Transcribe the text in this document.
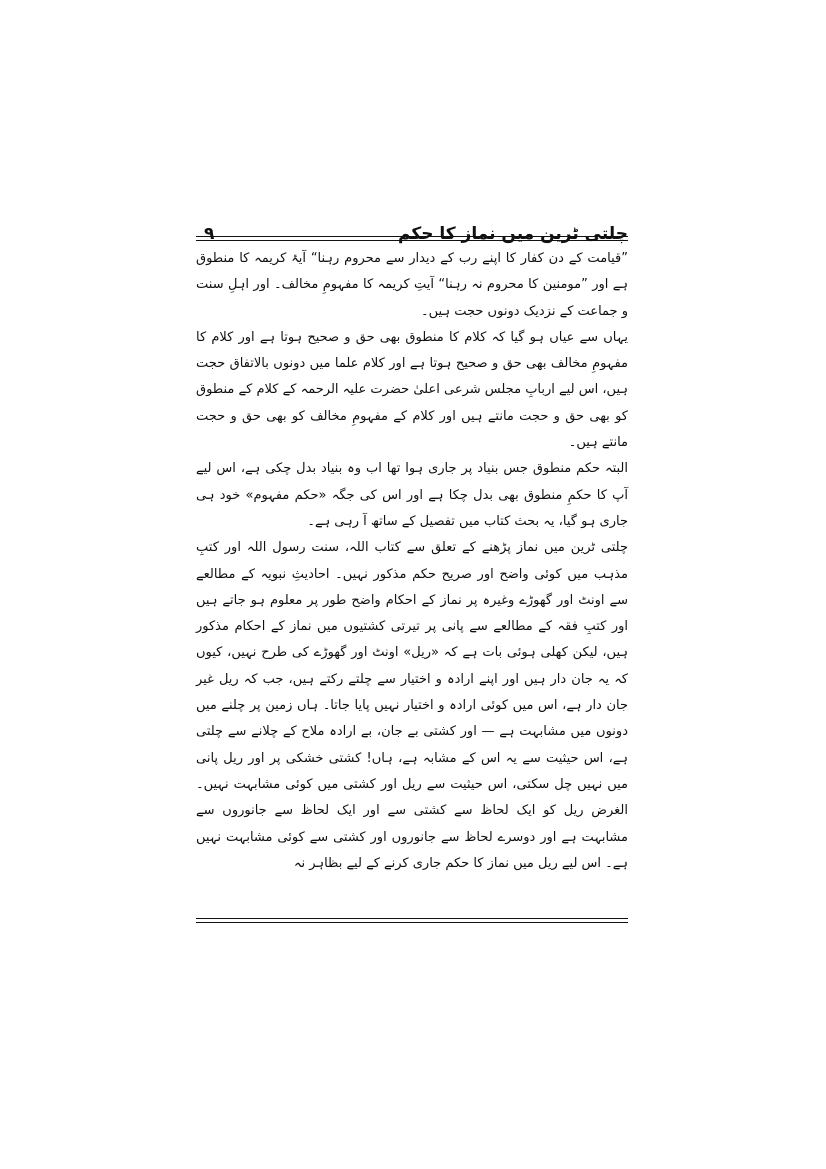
چلتی ٹرین میں نماز کا حکم
۹

”قیامت کے دن کفار کا اپنے رب کے دیدار سے محروم رہنا“ آیۂ کریمہ کا منطوق ہے اور ”مومنین کا محروم نہ رہنا“ آیتِ کریمہ کا مفہومِ مخالف۔ اور اہلِ سنت و جماعت کے نزدیک دونوں حجت ہیں۔

یہاں سے عیاں ہو گیا کہ کلام کا منطوق بھی حق و صحیح ہوتا ہے اور کلام کا مفہومِ مخالف بھی حق و صحیح ہوتا ہے اور کلام علما میں دونوں بالاتفاق حجت ہیں، اس لیے اربابِ مجلس شرعی اعلیٰ حضرت علیہ الرحمہ کے کلام کے منطوق کو بھی حق و حجت مانتے ہیں اور کلام کے مفہومِ مخالف کو بھی حق و حجت مانتے ہیں۔

البتہ حکم منطوق جس بنیاد پر جاری ہوا تھا اب وہ بنیاد بدل چکی ہے، اس لیے آپ کا حکمِ منطوق بھی بدل چکا ہے اور اس کی جگہ «حکم مفہوم» خود ہی جاری ہو گیا، یہ بحث کتاب میں تفصیل کے ساتھ آ رہی ہے۔

چلتی ٹرین میں نماز پڑھنے کے تعلق سے کتاب اللہ، سنت رسول اللہ اور کتبِ مذہب میں کوئی واضح اور صریح حکم مذکور نہیں۔ احادیثِ نبویہ کے مطالعے سے اونٹ اور گھوڑے وغیرہ پر نماز کے احکام واضح طور پر معلوم ہو جاتے ہیں اور کتبِ فقہ کے مطالعے سے پانی پر تیرتی کشتیوں میں نماز کے احکام مذکور ہیں، لیکن کھلی ہوئی بات ہے کہ «ریل» اونٹ اور گھوڑے کی طرح نہیں، کیوں کہ یہ جان دار ہیں اور اپنے ارادہ و اختیار سے چلتے رکتے ہیں، جب کہ ریل غیر جان دار ہے، اس میں کوئی ارادہ و اختیار نہیں پایا جاتا۔ ہاں زمین پر چلنے میں دونوں میں مشابہت ہے — اور کشتی بے جان، بے ارادہ ملاح کے چلانے سے چلتی ہے، اس حیثیت سے یہ اس کے مشابہ ہے، ہاں! کشتی خشکی پر اور ریل پانی میں نہیں چل سکتی، اس حیثیت سے ریل اور کشتی میں کوئی مشابہت نہیں۔ الغرض ریل کو ایک لحاظ سے کشتی سے اور ایک لحاظ سے جانوروں سے مشابہت ہے اور دوسرے لحاظ سے جانوروں اور کشتی سے کوئی مشابہت نہیں ہے۔ اس لیے ریل میں نماز کا حکم جاری کرنے کے لیے بظاہر نہ
